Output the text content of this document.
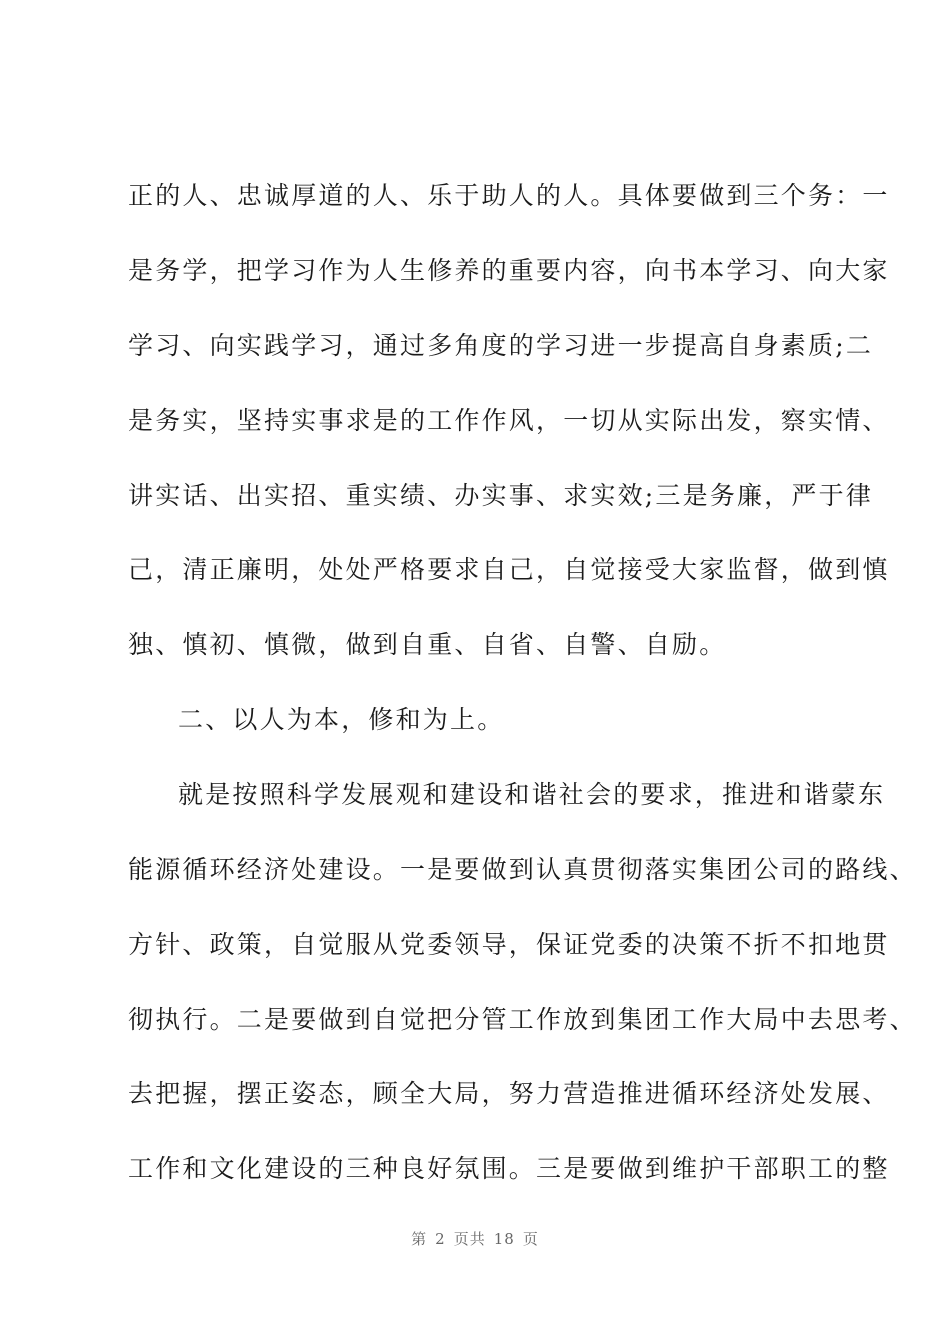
正的人、忠诚厚道的人、乐于助人的人。具体要做到三个务：一
是务学，把学习作为人生修养的重要内容，向书本学习、向大家
学习、向实践学习，通过多角度的学习进一步提高自身素质;二
是务实，坚持实事求是的工作作风，一切从实际出发，察实情、
讲实话、出实招、重实绩、办实事、求实效;三是务廉，严于律
己，清正廉明，处处严格要求自己，自觉接受大家监督，做到慎
独、慎初、慎微，做到自重、自省、自警、自励。
二、以人为本，修和为上。
就是按照科学发展观和建设和谐社会的要求，推进和谐蒙东
能源循环经济处建设。一是要做到认真贯彻落实集团公司的路线、
方针、政策，自觉服从党委领导，保证党委的决策不折不扣地贯
彻执行。二是要做到自觉把分管工作放到集团工作大局中去思考、
去把握，摆正姿态，顾全大局，努力营造推进循环经济处发展、
工作和文化建设的三种良好氛围。三是要做到维护干部职工的整
第 2 页共 18 页
